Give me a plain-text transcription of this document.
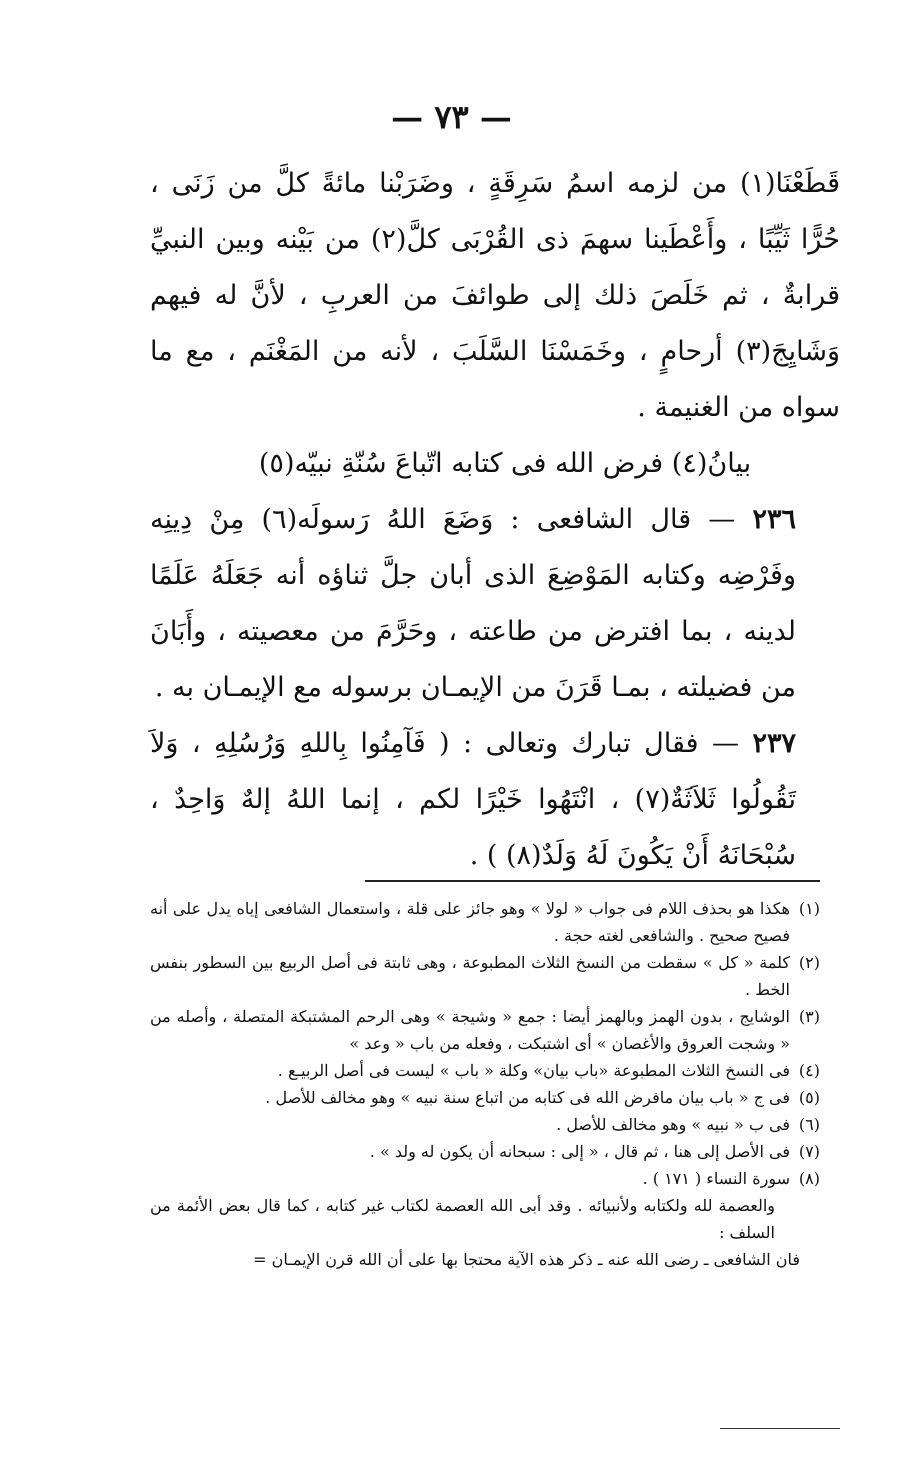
— ٧٣ —

قَطَعْنَا(١) من لزمه اسمُ سَرِقَةٍ ، وضَرَبْنا مائةً كلَّ من زَنَى ، حُرًّا ثَيِّبًا ، وأَعْطَينا سهمَ ذى القُرْبَى كلَّ(٢) من بَيْنه وبين النبيِّ قرابةٌ ، ثم خَلَصَ ذلك إلى طوائفَ من العربِ ، لأنَّ له فيهم وَشَايِجَ(٣) أرحامٍ ، وخَمَسْنَا السَّلَبَ ، لأنه من المَغْنَم ، مع ما سواه من الغنيمة .

بيانُ(٤) فرض الله فى كتابه اتّباعَ سُنّةِ نبيّه(٥)

٢٣٦ — قال الشافعى : وَضَعَ اللهُ رَسولَه(٦) مِنْ دِينِه وفَرْضِه وكتابه المَوْضِعَ الذى أبان جلَّ ثناؤه أنه جَعَلَهُ عَلَمًا لدينه ، بما افترض من طاعته ، وحَرَّمَ من معصيته ، وأَبَانَ من فضيلته ، بمـا قَرَنَ من الإيمـان برسوله مع الإيمـان به .

٢٣٧ — فقال تبارك وتعالى : ( فَآمِنُوا بِاللهِ وَرُسُلِهِ ، وَلاَ تَقُولُوا ثَلاَثَةٌ(٧) ، انْتَهُوا خَيْرًا لكم ، إنما اللهُ إلهٌ وَاحِدٌ ، سُبْحَانَهُ أَنْ يَكُونَ لَهُ وَلَدٌ(٨) ) .

(١)
هكذا هو بحذف اللام فى جواب « لولا » وهو جائز على قلة ، واستعمال الشافعى إياه يدل على أنه فصيح صحيح . والشافعى لغته حجة .

(٢)
كلمة « كل » سقطت من النسخ الثلاث المطبوعة ، وهى ثابتة فى أصل الربيع بين السطور بنفس الخط .

(٣)
الوشايج ، بدون الهمز وبالهمز أيضا : جمع « وشيجة » وهى الرحم المشتبكة المتصلة ، وأصله من « وشجت العروق والأغصان » أى اشتبكت ، وفعله من باب « وعد »

(٤)
فى النسخ الثلاث المطبوعة «باب بيان» وكلة « باب » ليست فى أصل الربيـع .

(٥)
فى ج « باب بيان مافرض الله فى كتابه من اتباع سنة نبيه » وهو مخالف للأصل .

(٦)
فى ب « نبيه » وهو مخالف للأصل .

(٧)
فى الأصل إلى هنا ، ثم قال ، « إلى : سبحانه أن يكون له ولد » .

(٨)
سورة النساء ( ١٧١ ) .

والعصمة لله ولكتابه ولأنبيائه . وقد أبى الله العصمة لكتاب غير كتابه ، كما قال بعض الأئمة من السلف :

فان الشافعى ـ رضى الله عنه ـ ذكر هذه الآية محتجا بها على أن الله قرن الإيمـان =
